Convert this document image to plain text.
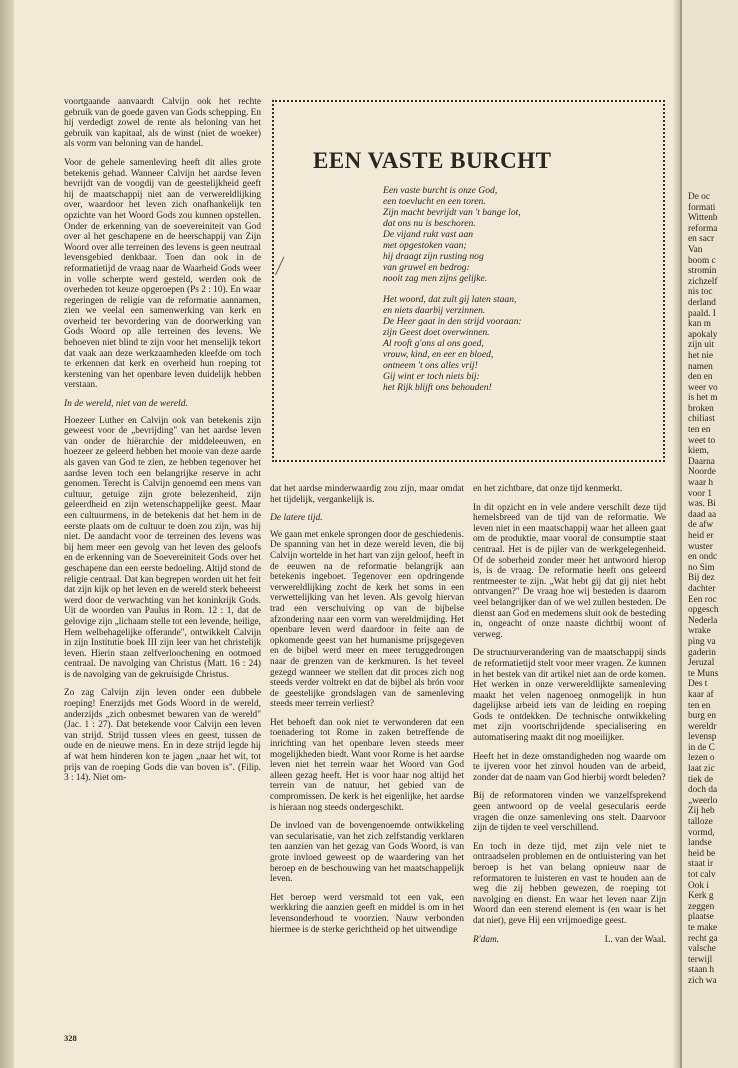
EEN VASTE BURCHT
Een vaste burcht is onze God,
een toevlucht en een toren.
Zijn macht bevrijdt van 't bange lot,
dat ons nu is beschoren.
De vijand rukt vast aan
met opgestoken vaan;
hij draagt zijn rusting nog
van gruwel en bedrog:
nooit zag men zijns gelijke.
Het woord, dat zult gij laten staan,
en niets daarbij verzinnen.
De Heer gaat in den strijd vooraan:
zijn Geest doet overwinnen.
Al rooft g'ons al ons goed,
vrouw, kind, en eer en bloed,
ontneem 't ons alles vrij!
Gij wint er toch niets bij:
het Rijk blijft ons behouden!

voortgaande aanvaardt Calvijn ook het rechte gebruik van de goede gaven van Gods schepping. En hij verdedigt zowel de rente als beloning van het gebruik van kapitaal, als de winst (niet de woeker) als vorm van beloning van de handel.

Voor de gehele samenleving heeft dit alles grote betekenis gehad. Wanneer Calvijn het aardse leven bevrijdt van de voogdij van de geestelijkheid geeft hij de maatschappij niet aan de verwereldlijking over, waardoor het leven zich onafhankelijk ten opzichte van het Woord Gods zou kunnen opstellen. Onder de erkenning van de soevereiniteit van God over al het geschapene en de heerschappij van Zijn Woord over alle terreinen des levens is geen neutraal levensgebied denkbaar. Toen dan ook in de reformatietijd de vraag naar de Waarheid Gods weer in volle scherpte werd gesteld, werden ook de overheden tot keuze opgeroepen (Ps 2 : 10). En waar regeringen de religie van de reformatie aannamen, zien we veelal een samenwerking van kerk en overheid ter bevordering van de doorwerking van Gods Woord op alle terreinen des levens. We behoeven niet blind te zijn voor het menselijk tekort dat vaak aan deze werkzaamheden kleefde om toch te erkennen dat kerk en overheid hun roeping tot kerstening van het openbare leven duidelijk hebben verstaan.

In de wereld, niet van de wereld.

Hoezeer Luther en Calvijn ook van betekenis zijn geweest voor de „bevrijding" van het aardse leven van onder de hiërarchie der middeleeuwen, en hoezeer ze geleerd hebben het mooie van deze aarde als gaven van God te zien, ze hebben tegenover het aardse leven toch een belangrijke reserve in acht genomen. Terecht is Calvijn genoemd een mens van cultuur, getuige zijn grote belezenheid, zijn geleerdheid en zijn wetenschappelijke geest. Maar een cultuurmens, in de betekenis dat het hem in de eerste plaats om de cultuur te doen zou zijn, was hij niet. De aandacht voor de terreinen des levens was bij hem meer een gevolg van het leven des geloofs en de erkenning van de Soevereiniteit Gods over het geschapene dan een eerste bedoeling. Altijd stond de religie centraal. Dat kan begrepen worden uit het feit dat zijn kijk op het leven en de wereld sterk beheerst werd door de verwachting van het koninkrijk Gods. Uit de woorden van Paulus in Rom. 12 : 1, dat de gelovige zijn „lichaam stelle tot een levende, heilige, Hem welbehagelijke offerande", ontwikkelt Calvijn in zijn Institutie boek III zijn leer van het christelijk leven. Hierin staan zelfverloochening en ootmoed centraal. De navolging van Christus (Matt. 16 : 24) is de navolging van de gekruisigde Christus.

Zo zag Calvijn zijn leven onder een dubbele roeping! Enerzijds met Gods Woord in de wereld, anderzijds „zich onbesmet bewaren van de wereld" (Jac. 1 : 27). Dat betekende voor Calvijn een leven van strijd. Strijd tussen vlees en geest, tussen de oude en de nieuwe mens. En in deze strijd legde hij af wat hem hinderen kon te jagen „naar het wit, tot prijs van de roeping Gods die van boven is". (Filip. 3 : 14). Niet om-

dat het aardse minderwaardig zou zijn, maar omdat het tijdelijk, vergankelijk is.

De latere tijd.

We gaan met enkele sprongen door de geschiedenis. De spanning van het in deze wereld leven, die bij Calvijn wortelde in het hart van zijn geloof, heeft in de eeuwen na de reformatie belangrijk aan betekenis ingeboet. Tegenover een opdringende verwereldlijking zocht de kerk het soms in een verwettelijking van het leven. Als gevolg hiervan trad een verschuiving op van de bijbelse afzondering naar een vorm van wereldmijding. Het openbare leven werd daardoor in feite aan de opkomende geest van het humanisme prijsgegeven en de bijbel werd meer en meer teruggedrongen naar de grenzen van de kerkmuren. Is het teveel gezegd wanneer we stellen dat dit proces zich nog steeds verder voltrekt en dat de bijbel als brón voor de geestelijke grondslagen van de samenleving steeds meer terrein verliest?

Het behoeft dan ook niet te verwonderen dat een toenadering tot Rome in zaken betreffende de inrichting van het openbare leven steeds meer mogelijkheden biedt. Want voor Rome is het aardse leven niet het terrein waar het Woord van God alleen gezag heeft. Het is voor haar nog altijd het terrein van de natuur, het gebied van de compromissen. De kerk is het eigenlijke, het aardse is hieraan nog steeds ondergeschikt.

De invloed van de bovengenoemde ontwikkeling van secularisatie, van het zich zelfstandig verklaren ten aanzien van het gezag van Gods Woord, is van grote invloed geweest op de waardering van het beroep en de beschouwing van het maatschappelijk leven.

Het beroep werd versmald tot een vak, een werkkring die aanzien geeft en middel is om in het levensonderhoud te voorzien. Nauw verbonden hiermee is de sterke gerichtheid op het uitwendige

en het zichtbare, dat onze tijd kenmerkt.

In dit opzicht en in vele andere verschilt deze tijd hemelsbreed van de tijd van de reformatie. We leven niet in een maatschappij waar het alleen gaat om de produktie, maar vooral de consumptie staat centraal. Het is de pijler van de werkgelegenheid. Of de soberheid zonder meer het antwoord hierop is, is de vraag. De reformatie heeft ons geleerd rentmeester te zijn. „Wat hebt gij dat gij niet hebt ontvangen?" De vraag hoe wij besteden is daarom veel belangrijker dan of we wel zullen besteden. De dienst aan God en medemens sluit ook de besteding in, ongeacht of onze naaste dichtbij woont of verweg.

De structuurverandering van de maatschappij sinds de reformatietijd stelt voor meer vragen. Ze kunnen in het bestek van dit artikel niet aan de orde komen. Het werken in onze verwereldlijkte samenleving maakt het velen nagenoeg onmogelijk in hun dagelijkse arbeid iets van de leiding en roeping Gods te ontdekken. De technische ontwikkeling met zijn voortschrijdende specialisering en automatisering maakt dit nog moeilijker.

Heeft het in deze omstandigheden nog waarde om te ijveren voor het zinvol houden van de arbeid, zonder dat de naam van God hierbij wordt beleden?

Bij de reformatoren vinden we vanzelfsprekend geen antwoord op de veelal gesecularis eerde vragen die onze samenleving ons stelt. Daarvoor zijn de tijden te veel verschillend.

En toch in deze tijd, met zijn vele niet te ontraadselen problemen en de ontluistering van het beroep is het van belang opnieuw naar de reformatoren te luisteren en vast te houden aan de weg die zij hebben gewezen, de roeping tot navolging en dienst. En waar het leven naar Zijn Woord dan een sterend element is (en waar is het dat niet), geve Hij een vrijmoedige geest.

R'dam.	L. van der Waal.
328
De oc
formati
Wittenb
reforma
en sacr
Van
boom c
stromin
zichzelf
nis toc
derland
paald. I
kan m
apokaly
zijn uit
het nie
namen
den en
weer vo
is het m
broken
chiliast
ten en
weet to
kiem,
Daarna
Noorde
waar h
voor 1
was. Bi
daad aa
de afw
heid er
wuster
en ondc
no Sim
Bij dez
dachter
Een roc
opgesch
Nederla
wrake
ping va
gaderin
Jeruzal
te Muns
Des t
kaar af
ten en
burg en
wereldr
levensp
in de C
lezen o
laat zic
tiek de
doch da
„weerlo
Zij heb
talloze
vormd,
landse
heid be
staat ir
tot calv
Ook i
Kerk g
zeggen
plaatse
te make
recht ga
valsche
terwijl
staan h
zich wa
